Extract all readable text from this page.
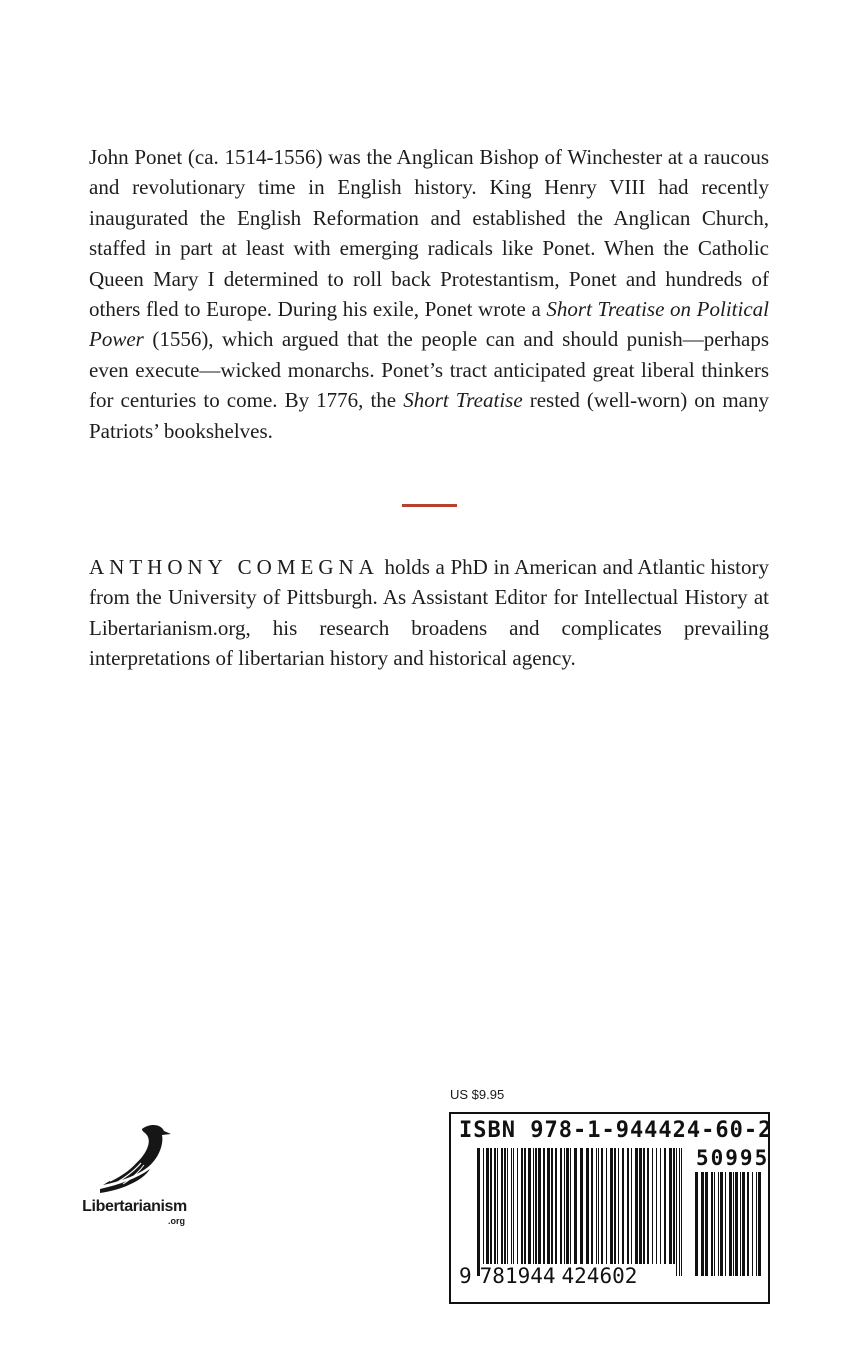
John Ponet (ca. 1514-1556) was the Anglican Bishop of Winchester at a raucous and revolutionary time in English history. King Henry VIII had recently inaugurated the English Reformation and established the Anglican Church, staffed in part at least with emerging radicals like Ponet. When the Catholic Queen Mary I determined to roll back Protestantism, Ponet and hundreds of others fled to Europe. During his exile, Ponet wrote a Short Treatise on Political Power (1556), which argued that the people can and should punish—perhaps even execute—wicked monarchs. Ponet’s tract anticipated great liberal thinkers for centuries to come. By 1776, the Short Treatise rested (well-worn) on many Patriots’ bookshelves.
ANTHONY COMEGNA holds a PhD in American and Atlantic history from the University of Pittsburgh. As Assistant Editor for Intellectual History at Libertarianism.org, his research broadens and complicates prevailing interpretations of libertarian history and historical agency.
Libertarianism
.org
US $9.95
ISBN 978-1-944424-60-2
50995
9 781944 424602
